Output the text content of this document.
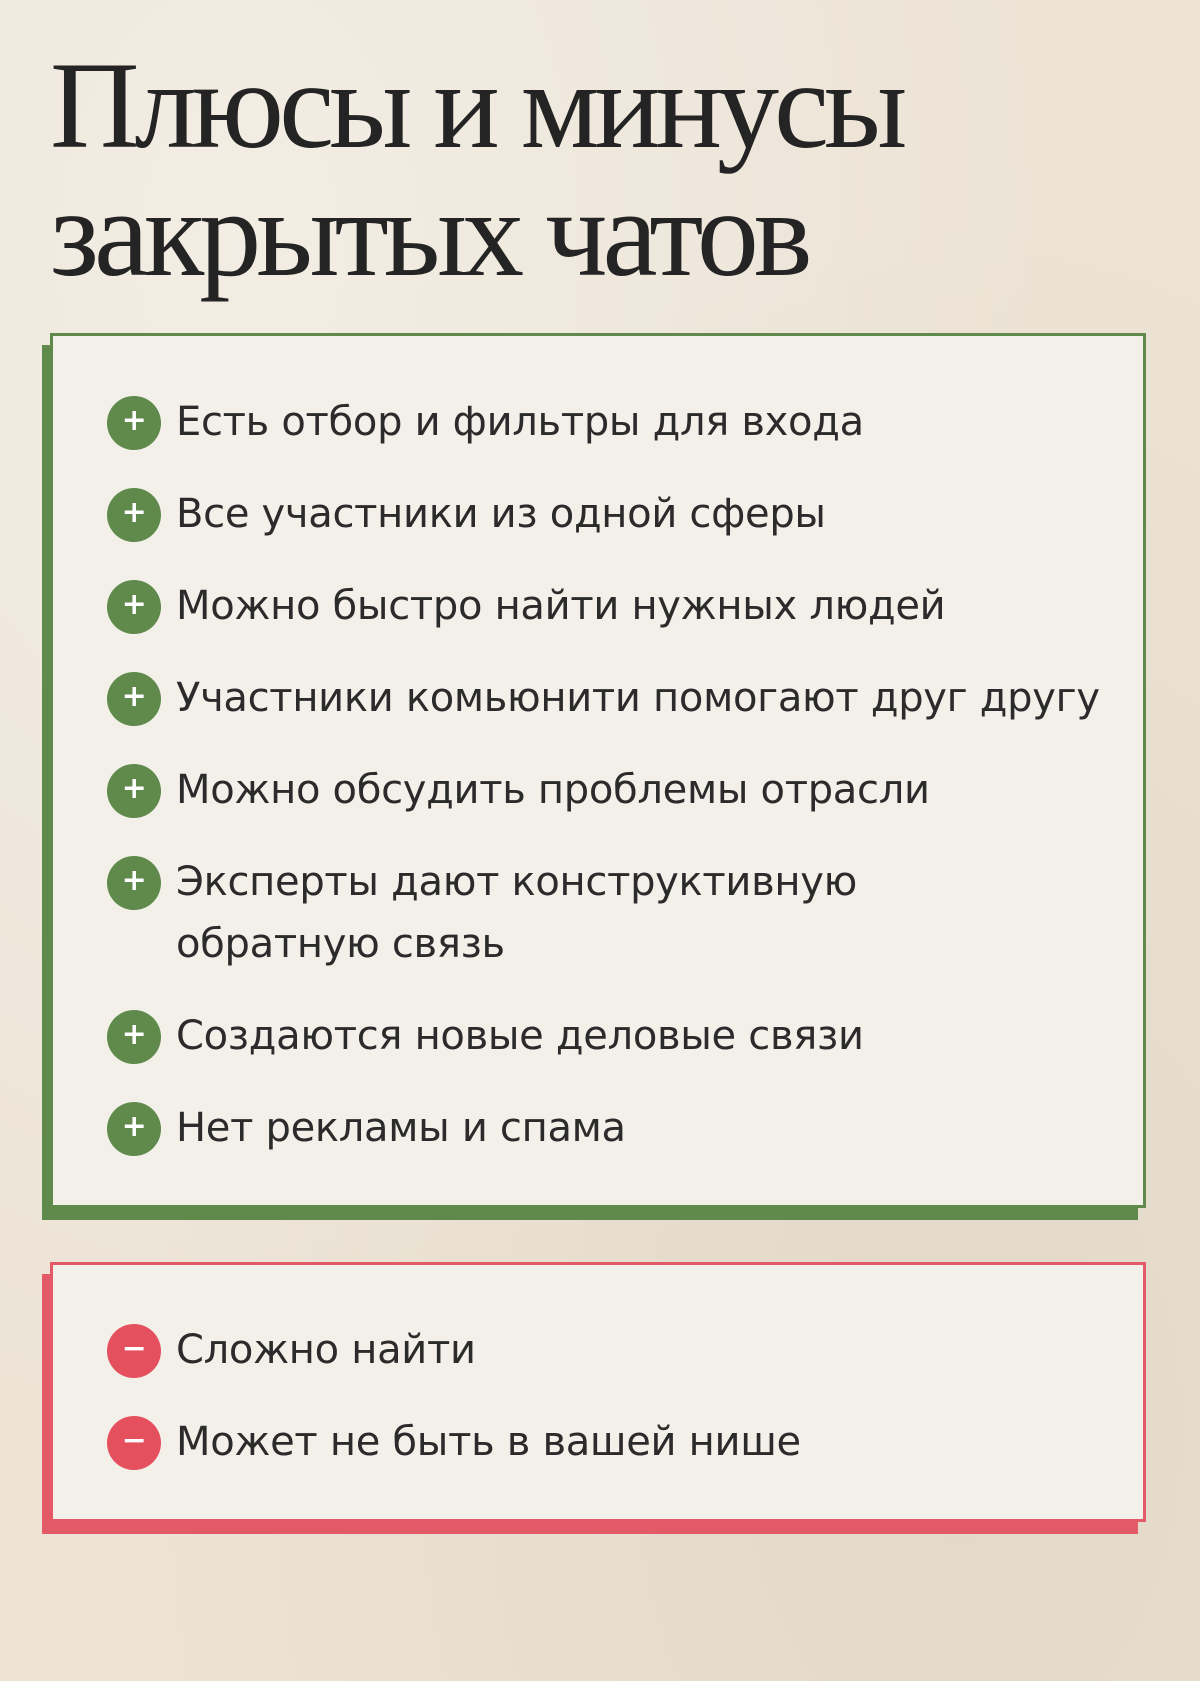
Плюсы и минусы
закрытых чатов
+ Есть отбор и фильтры для входа
+ Все участники из одной сферы
+ Можно быстро найти нужных людей
+ Участники комьюнити помогают друг другу
+ Можно обсудить проблемы отрасли
+ Эксперты дают конструктивную обратную связь
+ Создаются новые деловые связи
+ Нет рекламы и спама
− Сложно найти
− Может не быть в вашей нише
